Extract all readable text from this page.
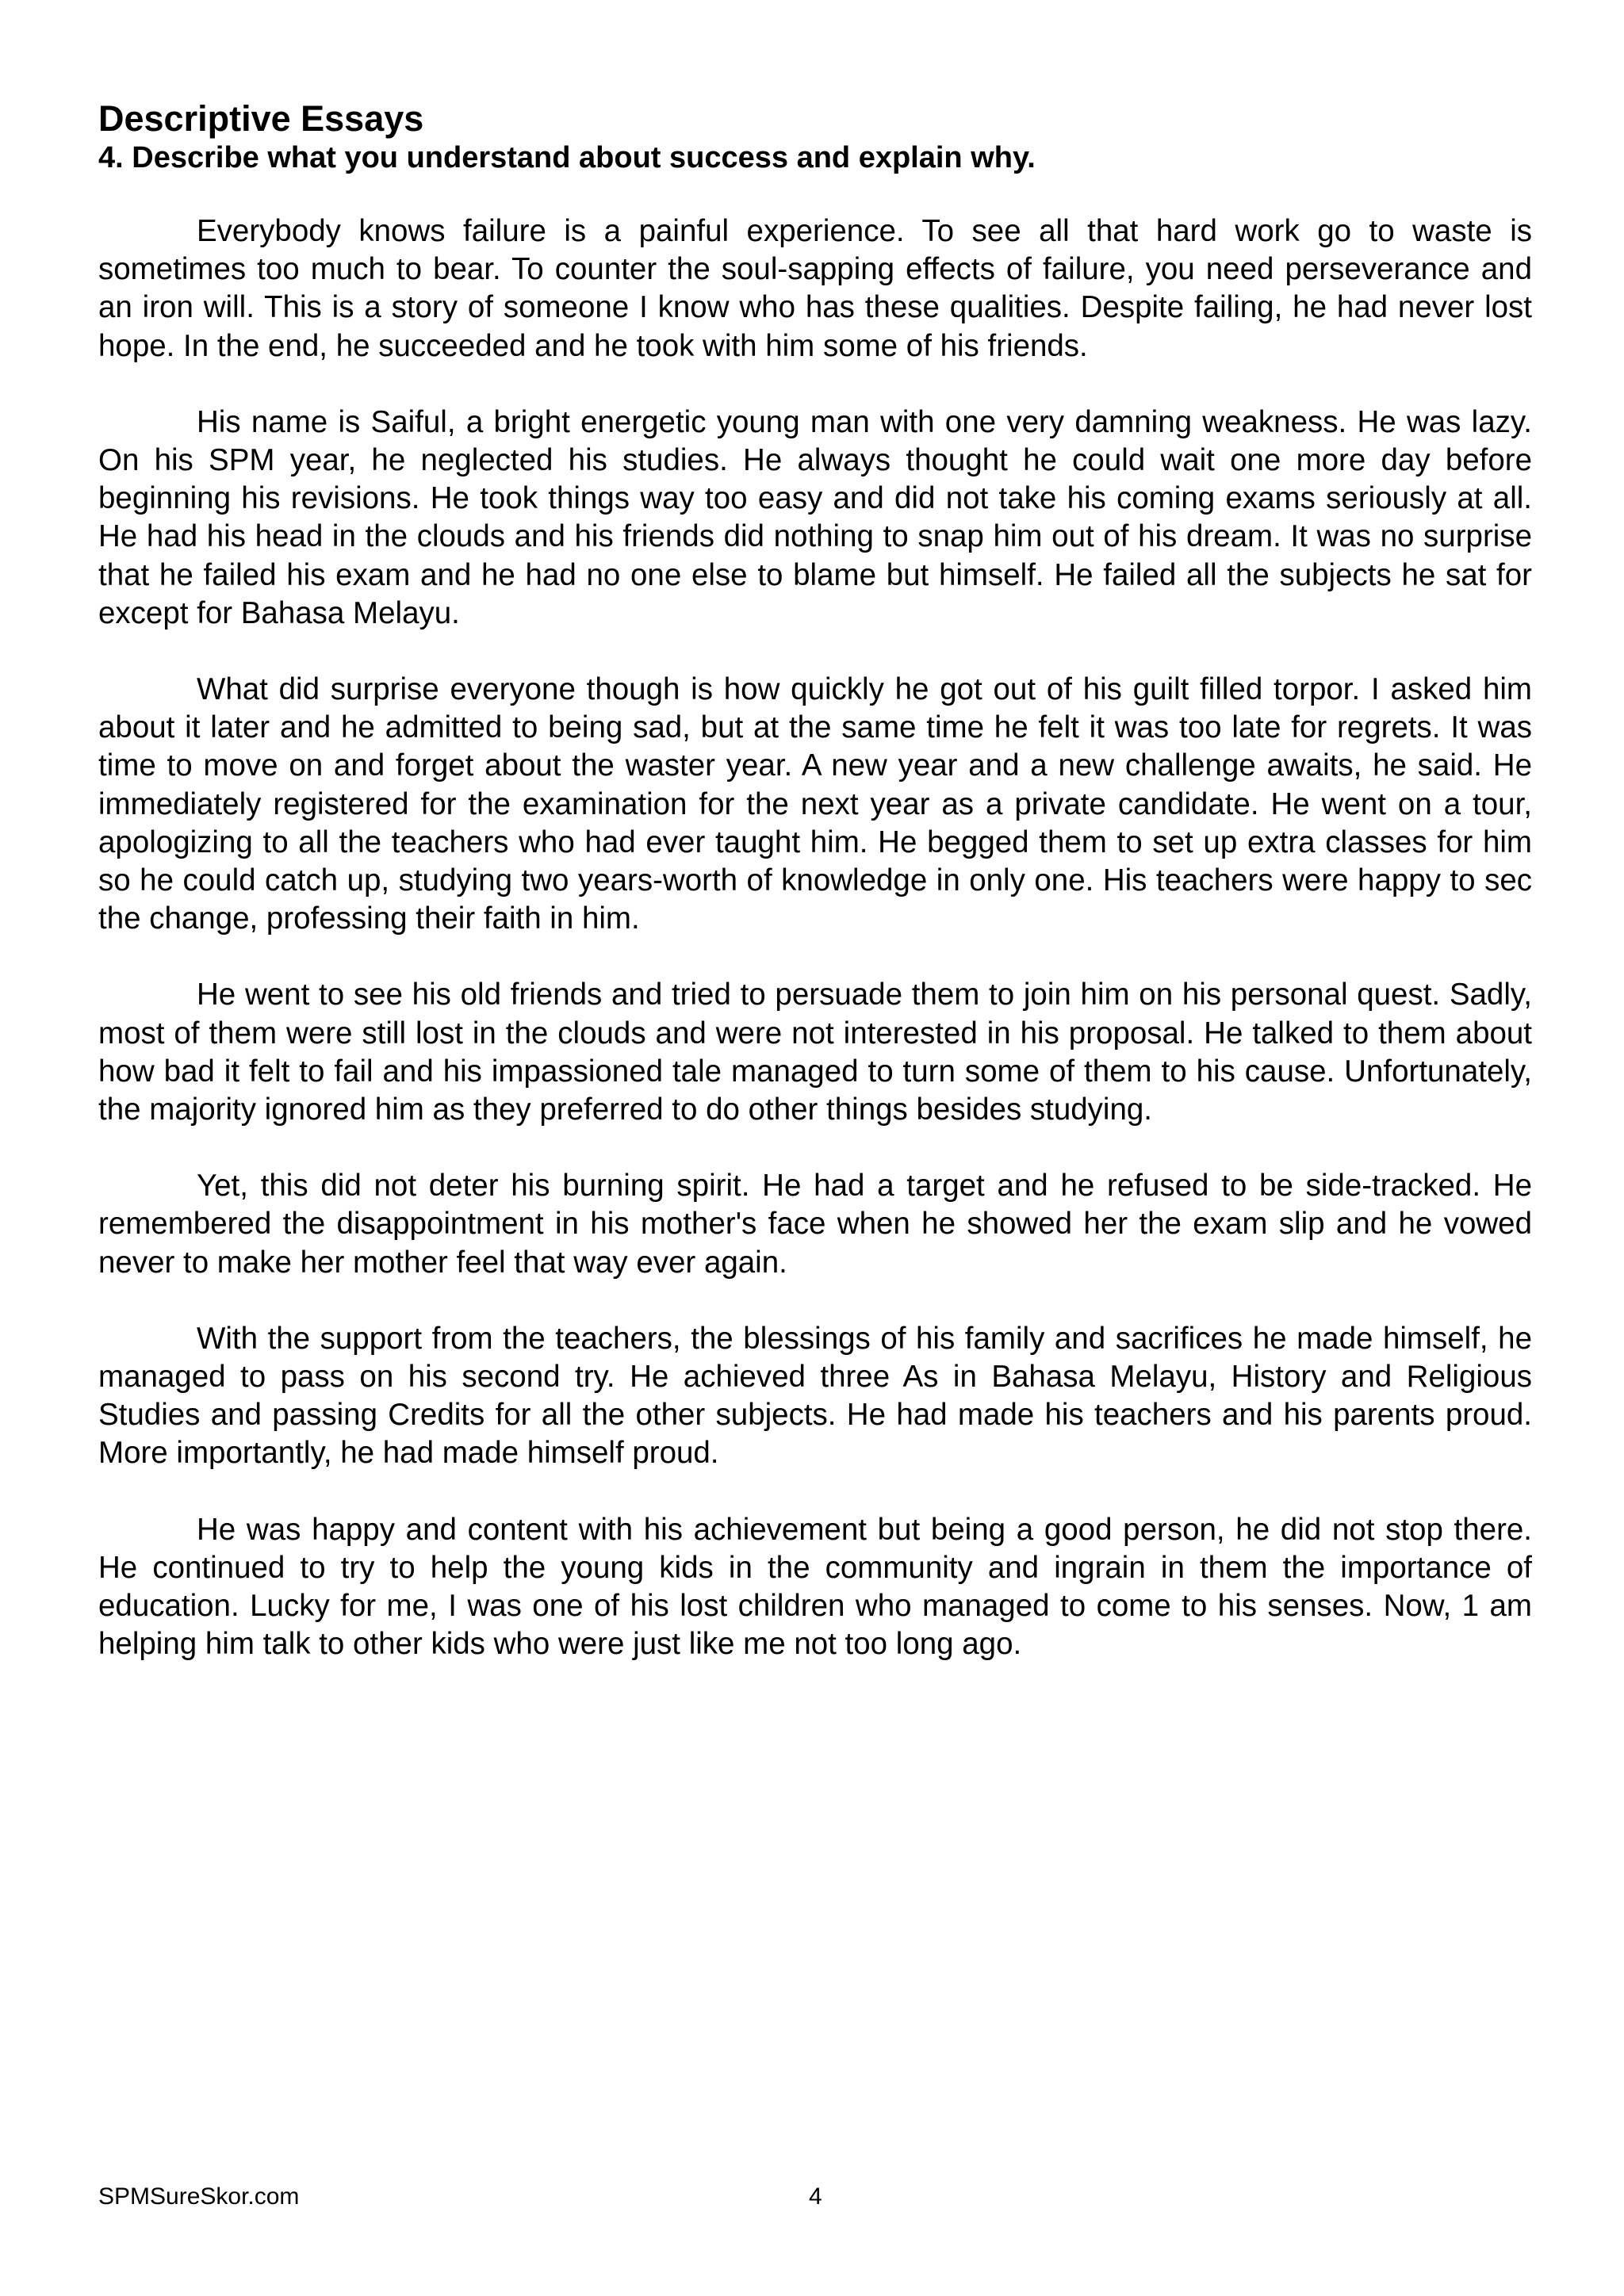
Descriptive Essays

4. Describe what you understand about success and explain why.

Everybody knows failure is a painful experience. To see all that hard work go to waste is sometimes too much to bear. To counter the soul-sapping effects of failure, you need perseverance and an iron will. This is a story of someone I know who has these qualities. Despite failing, he had never lost hope. In the end, he succeeded and he took with him some of his friends.

His name is Saiful, a bright energetic young man with one very damning weakness. He was lazy. On his SPM year, he neglected his studies. He always thought he could wait one more day before beginning his revisions. He took things way too easy and did not take his coming exams seriously at all. He had his head in the clouds and his friends did nothing to snap him out of his dream. It was no surprise that he failed his exam and he had no one else to blame but himself. He failed all the subjects he sat for except for Bahasa Melayu.

What did surprise everyone though is how quickly he got out of his guilt filled torpor. I asked him about it later and he admitted to being sad, but at the same time he felt it was too late for regrets. It was time to move on and forget about the waster year. A new year and a new challenge awaits, he said. He immediately registered for the examination for the next year as a private candidate. He went on a tour, apologizing to all the teachers who had ever taught him. He begged them to set up extra classes for him so he could catch up, studying two years-worth of knowledge in only one. His teachers were happy to sec the change, professing their faith in him.

He went to see his old friends and tried to persuade them to join him on his personal quest. Sadly, most of them were still lost in the clouds and were not interested in his proposal. He talked to them about how bad it felt to fail and his impassioned tale managed to turn some of them to his cause. Unfortunately, the majority ignored him as they preferred to do other things besides studying.

Yet, this did not deter his burning spirit. He had a target and he refused to be side-tracked. He remembered the disappointment in his mother's face when he showed her the exam slip and he vowed never to make her mother feel that way ever again.

With the support from the teachers, the blessings of his family and sacrifices he made himself, he managed to pass on his second try. He achieved three As in Bahasa Melayu, History and Religious Studies and passing Credits for all the other subjects. He had made his teachers and his parents proud. More importantly, he had made himself proud.

He was happy and content with his achievement but being a good person, he did not stop there. He continued to try to help the young kids in the community and ingrain in them the importance of education. Lucky for me, I was one of his lost children who managed to come to his senses. Now, 1 am helping him talk to other kids who were just like me not too long ago.

SPMSureSkor.com	4
